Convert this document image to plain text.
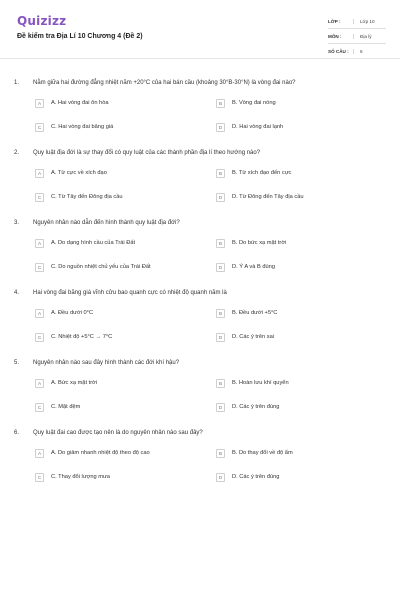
Quizizz
Đề kiểm tra Địa Lí 10 Chương 4 (Đề 2)
LỚP :	Lớp 10
MÔN :	Địa lý
SỐ CÂU :	6
1. Nằm giữa hai đường đẳng nhiệt năm +20°C của hai bán cầu (khoảng 30°B-30°N) là vòng đai nào?
A	A. Hai vòng đai ôn hòa	B	B. Vòng đai nóng
C	C. Hai vòng đai băng giá	D	D. Hai vòng đai lạnh
2. Quy luật địa đới là sự thay đổi có quy luật của các thành phần địa lí theo hướng nào?
A	A. Từ cực về xích đạo	B	B. Từ xích đạo đến cực
C	C. Từ Tây đến Đông địa cầu	D	D. Từ Đông đến Tây địa cầu
3. Nguyên nhân nào dẫn đến hình thành quy luật địa đới?
A	A. Do dạng hình cầu của Trái Đất	B	B. Do bức xạ mặt trời
C	C. Do nguồn nhiệt chủ yếu của Trái Đất	D	D. Ý A và B đúng
4. Hai vòng đai băng giá vĩnh cửu bao quanh cực có nhiệt độ quanh năm là
A	A. Đều dưới 0°C	B	B. Đều dưới +5°C
C	C. Nhiệt độ +5°C → 7°C	D	D. Các ý trên sai
5. Nguyên nhân nào sau đây hình thành các đới khí hậu?
A	A. Bức xạ mặt trời	B	B. Hoàn lưu khí quyển
C	C. Mặt đệm	D	D. Các ý trên đúng
6. Quy luật đai cao được tạo nên là do nguyên nhân nào sau đây?
A	A. Do giảm nhanh nhiệt độ theo độ cao	B	B. Do thay đổi về độ ẩm
C	C. Thay đổi lượng mưa	D	D. Các ý trên đúng
